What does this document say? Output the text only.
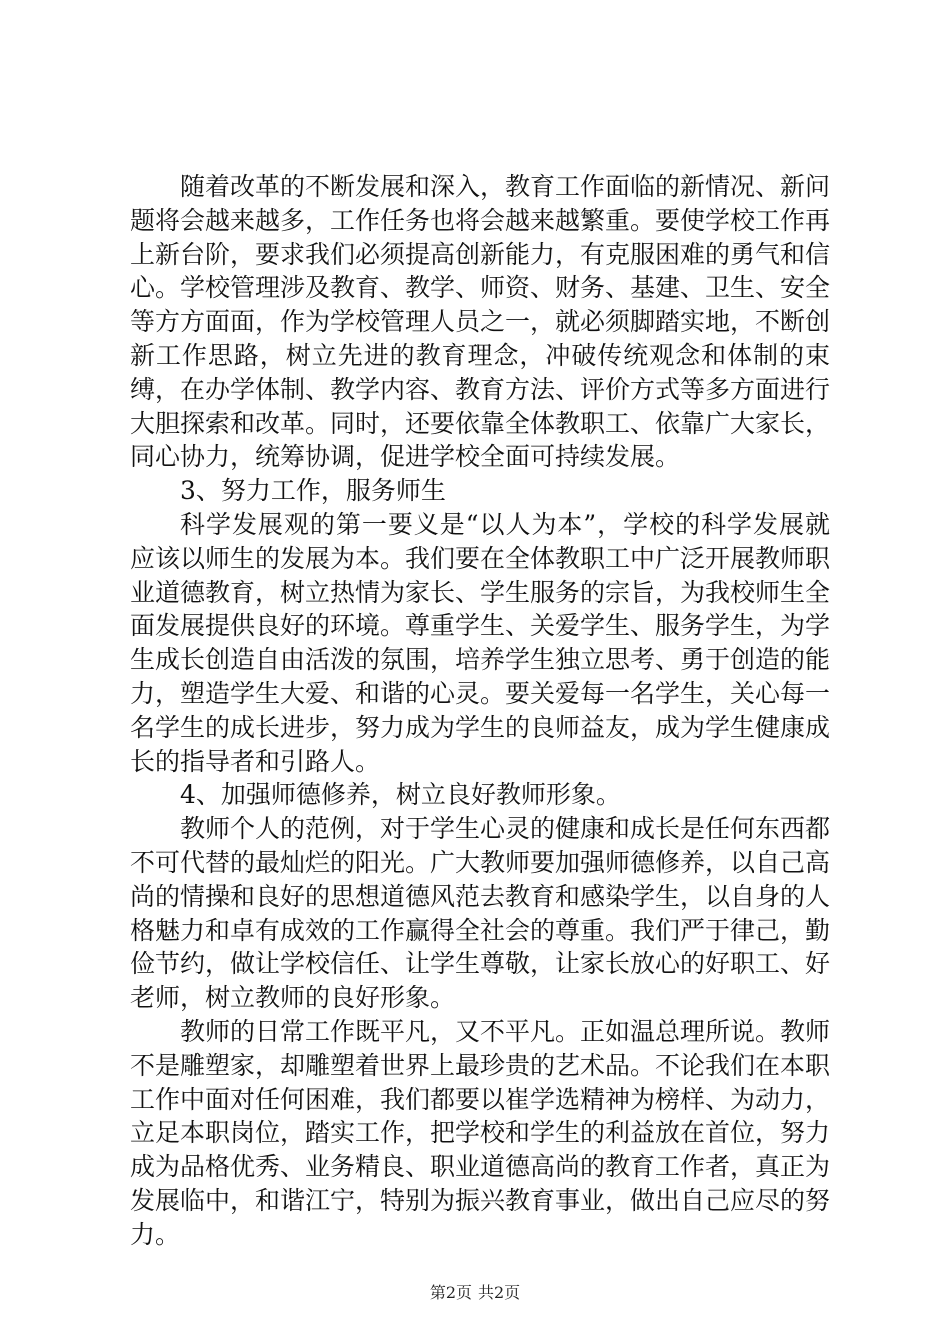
随着改革的不断发展和深入，教育工作面临的新情况、新问题将会越来越多，工作任务也将会越来越繁重。要使学校工作再上新台阶，要求我们必须提高创新能力，有克服困难的勇气和信心。学校管理涉及教育、教学、师资、财务、基建、卫生、安全等方方面面，作为学校管理人员之一，就必须脚踏实地，不断创新工作思路，树立先进的教育理念，冲破传统观念和体制的束缚，在办学体制、教学内容、教育方法、评价方式等多方面进行大胆探索和改革。同时，还要依靠全体教职工、依靠广大家长，同心协力，统筹协调，促进学校全面可持续发展。

3、努力工作，服务师生

科学发展观的第一要义是“以人为本”，学校的科学发展就应该以师生的发展为本。我们要在全体教职工中广泛开展教师职业道德教育，树立热情为家长、学生服务的宗旨，为我校师生全面发展提供良好的环境。尊重学生、关爱学生、服务学生，为学生成长创造自由活泼的氛围，培养学生独立思考、勇于创造的能力，塑造学生大爱、和谐的心灵。要关爱每一名学生，关心每一名学生的成长进步，努力成为学生的良师益友，成为学生健康成长的指导者和引路人。

4、加强师德修养，树立良好教师形象。

教师个人的范例，对于学生心灵的健康和成长是任何东西都不可代替的最灿烂的阳光。广大教师要加强师德修养，以自己高尚的情操和良好的思想道德风范去教育和感染学生，以自身的人格魅力和卓有成效的工作赢得全社会的尊重。我们严于律己，勤俭节约，做让学校信任、让学生尊敬，让家长放心的好职工、好老师，树立教师的良好形象。

教师的日常工作既平凡，又不平凡。正如温总理所说。教师不是雕塑家，却雕塑着世界上最珍贵的艺术品。不论我们在本职工作中面对任何困难，我们都要以崔学选精神为榜样、为动力，立足本职岗位，踏实工作，把学校和学生的利益放在首位，努力成为品格优秀、业务精良、职业道德高尚的教育工作者，真正为发展临中，和谐江宁，特别为振兴教育事业，做出自己应尽的努力。

第2页 共2页
